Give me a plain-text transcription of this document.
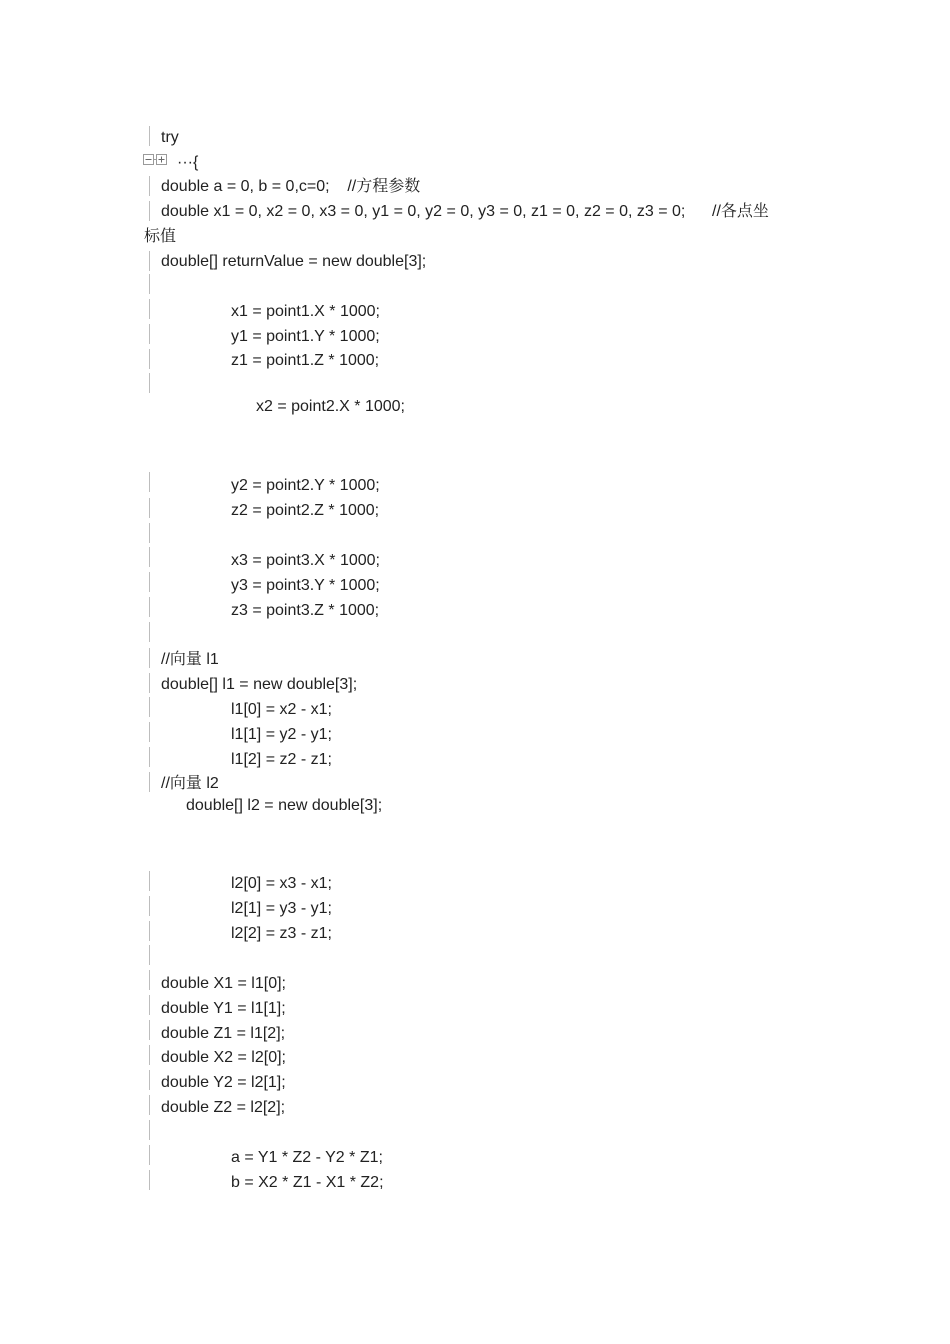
try
···{
double a = 0, b = 0,c=0;    //方程参数
double x1 = 0, x2 = 0, x3 = 0, y1 = 0, y2 = 0, y3 = 0, z1 = 0, z2 = 0, z3 = 0;      //各点坐
标值
double[] returnValue = new double[3];
x1 = point1.X * 1000;
y1 = point1.Y * 1000;
z1 = point1.Z * 1000;
x2 = point2.X * 1000;
y2 = point2.Y * 1000;
z2 = point2.Z * 1000;
x3 = point3.X * 1000;
y3 = point3.Y * 1000;
z3 = point3.Z * 1000;
//向量 l1
double[] l1 = new double[3];
l1[0] = x2 - x1;
l1[1] = y2 - y1;
l1[2] = z2 - z1;
//向量 l2
double[] l2 = new double[3];
l2[0] = x3 - x1;
l2[1] = y3 - y1;
l2[2] = z3 - z1;
double X1 = l1[0];
double Y1 = l1[1];
double Z1 = l1[2];
double X2 = l2[0];
double Y2 = l2[1];
double Z2 = l2[2];
a = Y1 * Z2 - Y2 * Z1;
b = X2 * Z1 - X1 * Z2;
